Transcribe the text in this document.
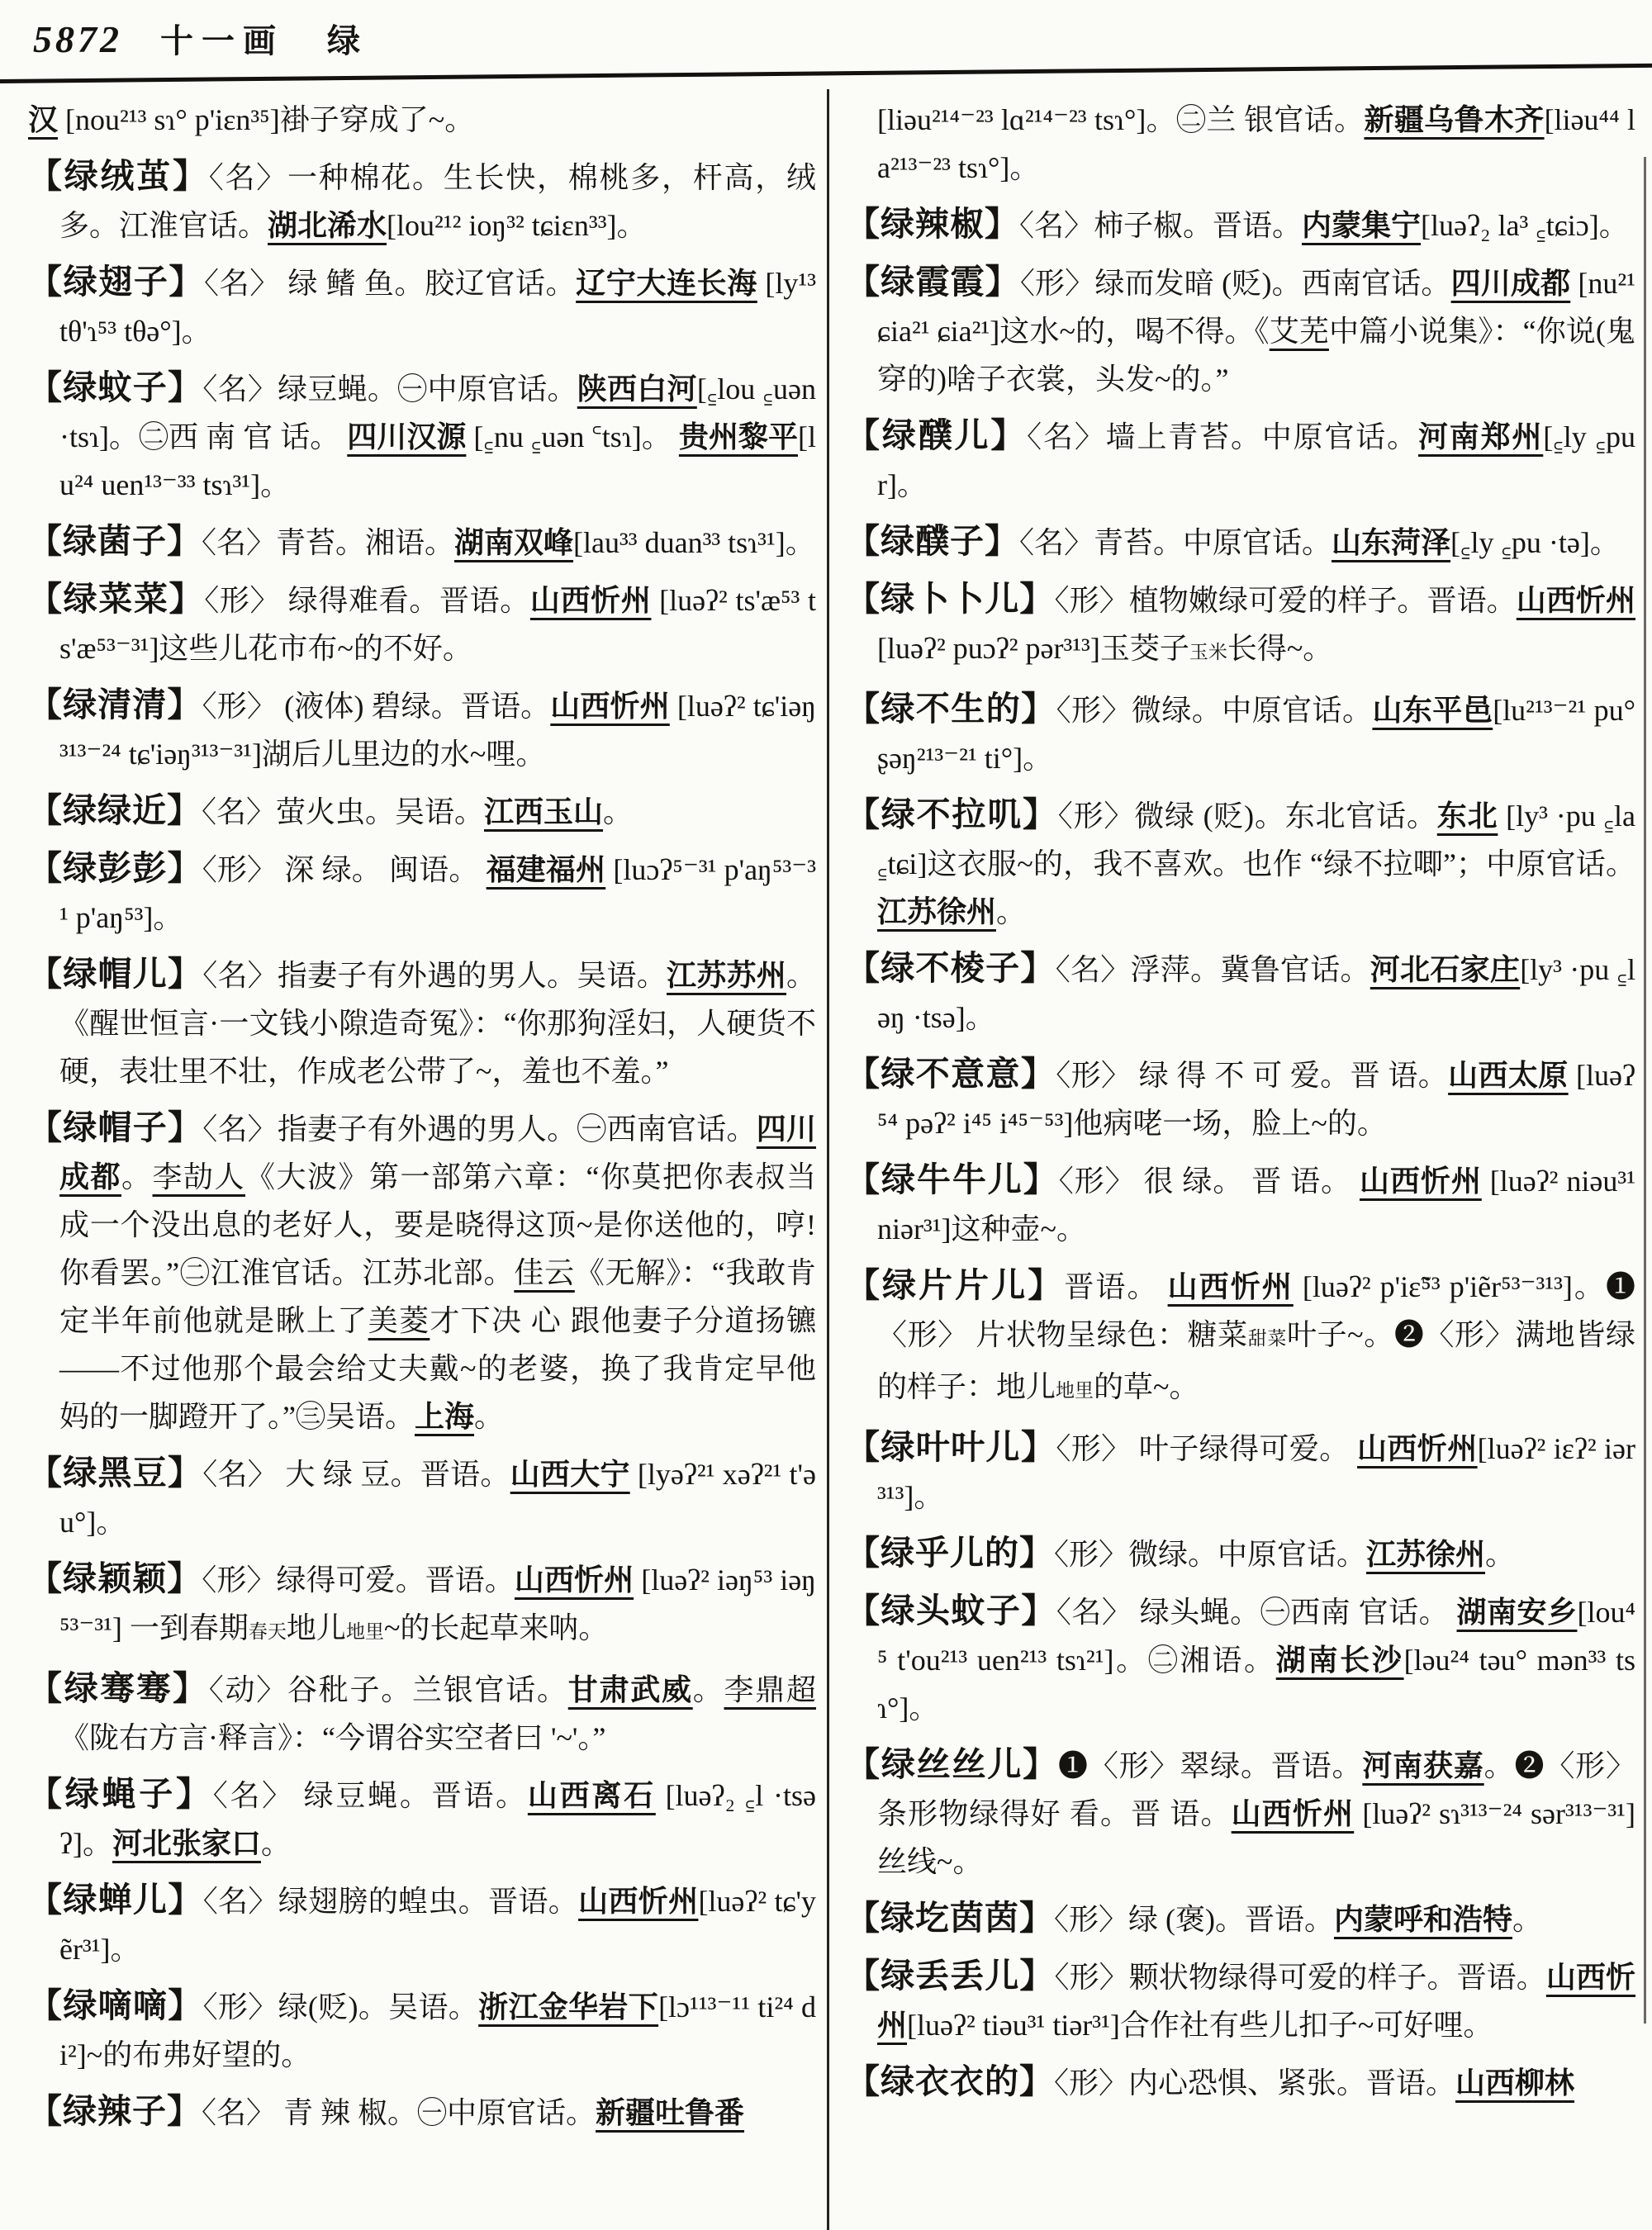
5872 十一画 绿

汉 [nou²¹³ sɿ° p'iɛn³⁵]褂子穿成了~。

【绿绒茧】〈名〉一种棉花。生长快，棉桃多，杆高，绒多。江淮官话。湖北浠水[lou²¹² ioŋ³² tɕiɛn³³]。

【绿翅子】〈名〉 绿 鳍 鱼。胶辽官话。辽宁大连长海 [ly¹³ tθ'ɿ⁵³ tθə°]。

【绿蚊子】〈名〉绿豆蝇。㊀中原官话。陕西白河[꜁lou ꜁uən ·tsɿ]。㊁西 南 官 话。 四川汉源 [꜁nu ꜁uən ꜂tsɿ]。 贵州黎平[lu²⁴ uen¹³⁻³³ tsɿ³¹]。

【绿菌子】〈名〉青苔。湘语。湖南双峰[lau³³ duan³³ tsɿ³¹]。

【绿菜菜】〈形〉 绿得难看。晋语。山西忻州 [luəʔ² ts'æ⁵³ ts'æ⁵³⁻³¹]这些儿花市布~的不好。

【绿清清】〈形〉 (液体) 碧绿。晋语。山西忻州 [luəʔ² tɕ'iəŋ³¹³⁻²⁴ tɕ'iəŋ³¹³⁻³¹]湖后儿里边的水~哩。

【绿绿近】〈名〉萤火虫。吴语。江西玉山。

【绿彭彭】〈形〉 深 绿。 闽语。 福建福州 [luɔʔ⁵⁻³¹ p'aŋ⁵³⁻³¹ p'aŋ⁵³]。

【绿帽儿】〈名〉指妻子有外遇的男人。吴语。江苏苏州。《醒世恒言·一文钱小隙造奇冤》：“你那狗淫妇，人硬货不硬，表壮里不壮，作成老公带了~，羞也不羞。”

【绿帽子】〈名〉指妻子有外遇的男人。㊀西南官话。四川成都。李劼人《大波》第一部第六章：“你莫把你表叔当成一个没出息的老好人，要是晓得这顶~是你送他的，哼!你看罢。”㊁江淮官话。江苏北部。佳云《无解》：“我敢肯定半年前他就是瞅上了美菱才下决 心 跟他妻子分道扬镳——不过他那个最会给丈夫戴~的老婆，换了我肯定早他妈的一脚蹬开了。”㊂吴语。上海。

【绿黑豆】〈名〉 大 绿 豆。晋语。山西大宁 [lyəʔ²¹ xəʔ²¹ t'əu°]。

【绿颖颖】〈形〉绿得可爱。晋语。山西忻州 [luəʔ² iəŋ⁵³ iəŋ⁵³⁻³¹] 一到春期春天地儿地里~的长起草来呐。

【绿骞骞】〈动〉谷秕子。兰银官话。甘肃武威。李鼎超《陇右方言·释言》：“今谓谷实空者曰 '~'。”

【绿蝇子】〈名〉 绿豆蝇。晋语。山西离石 [luəʔ₂ ꜁l ·tsəʔ]。河北张家口。

【绿蝉儿】〈名〉绿翅膀的蝗虫。晋语。山西忻州[luəʔ² tɕ'yẽr³¹]。

【绿嘀嘀】〈形〉绿(贬)。吴语。浙江金华岩下[lɔ¹¹³⁻¹¹ ti²⁴ di²]~的布弗好望的。

【绿辣子】〈名〉 青 辣 椒。㊀中原官话。新疆吐鲁番

[liəu²¹⁴⁻²³ lɑ²¹⁴⁻²³ tsɿ°]。㊁兰 银官话。新疆乌鲁木齐[liəu⁴⁴ la²¹³⁻²³ tsɿ°]。

【绿辣椒】〈名〉柿子椒。晋语。内蒙集宁[luəʔ₂ la³ ꜁tɕiɔ]。

【绿霞霞】〈形〉绿而发暗 (贬)。西南官话。四川成都 [nu²¹ ɕia²¹ ɕia²¹]这水~的，喝不得。《艾芜中篇小说集》：“你说(鬼穿的)啥子衣裳，头发~的。”

【绿醭儿】〈名〉墙上青苔。中原官话。河南郑州[꜁ly ꜁pur]。

【绿醭子】〈名〉青苔。中原官话。山东菏泽[꜁ly ꜁pu ·tə]。

【绿卜卜儿】〈形〉植物嫩绿可爱的样子。晋语。山西忻州[luəʔ² puɔʔ² pər³¹³]玉茭子玉米长得~。

【绿不生的】〈形〉微绿。中原官话。山东平邑[lu²¹³⁻²¹ pu° ʂəŋ²¹³⁻²¹ ti°]。

【绿不拉叽】〈形〉微绿 (贬)。东北官话。东北 [ly³ ·pu ꜁la ꜁tɕi]这衣服~的，我不喜欢。也作 “绿不拉唧”；中原官话。江苏徐州。

【绿不棱子】〈名〉浮萍。冀鲁官话。河北石家庄[ly³ ·pu ꜁ləŋ ·tsə]。

【绿不意意】〈形〉 绿 得 不 可 爱。晋 语。山西太原 [luəʔ⁵⁴ pəʔ² i⁴⁵ i⁴⁵⁻⁵³]他病咾一场，脸上~的。

【绿牛牛儿】〈形〉 很 绿。 晋 语。 山西忻州 [luəʔ² niəu³¹ niər³¹]这种壶~。

【绿片片儿】晋语。 山西忻州 [luəʔ² p'iɛ̃⁵³ p'iẽr⁵³⁻³¹³]。❶ 〈形〉 片状物呈绿色：糖菜甜菜叶子~。❷〈形〉满地皆绿的样子：地儿地里的草~。

【绿叶叶儿】〈形〉 叶子绿得可爱。 山西忻州[luəʔ² iɛʔ² iər³¹³]。

【绿乎儿的】〈形〉微绿。中原官话。江苏徐州。

【绿头蚊子】〈名〉 绿头蝇。㊀西南 官话。 湖南安乡[lou⁴⁵ t'ou²¹³ uen²¹³ tsɿ²¹]。㊁湘语。湖南长沙[ləu²⁴ təu° mən³³ tsɿ°]。

【绿丝丝儿】❶〈形〉翠绿。晋语。河南获嘉。❷〈形〉条形物绿得好 看。晋 语。山西忻州 [luəʔ² sɿ³¹³⁻²⁴ sər³¹³⁻³¹]丝线~。

【绿圪茵茵】〈形〉绿 (褒)。晋语。内蒙呼和浩特。

【绿丢丢儿】〈形〉颗状物绿得可爱的样子。晋语。山西忻州[luəʔ² tiəu³¹ tiər³¹]合作社有些儿扣子~可好哩。

【绿衣衣的】〈形〉内心恐惧、紧张。晋语。山西柳林
